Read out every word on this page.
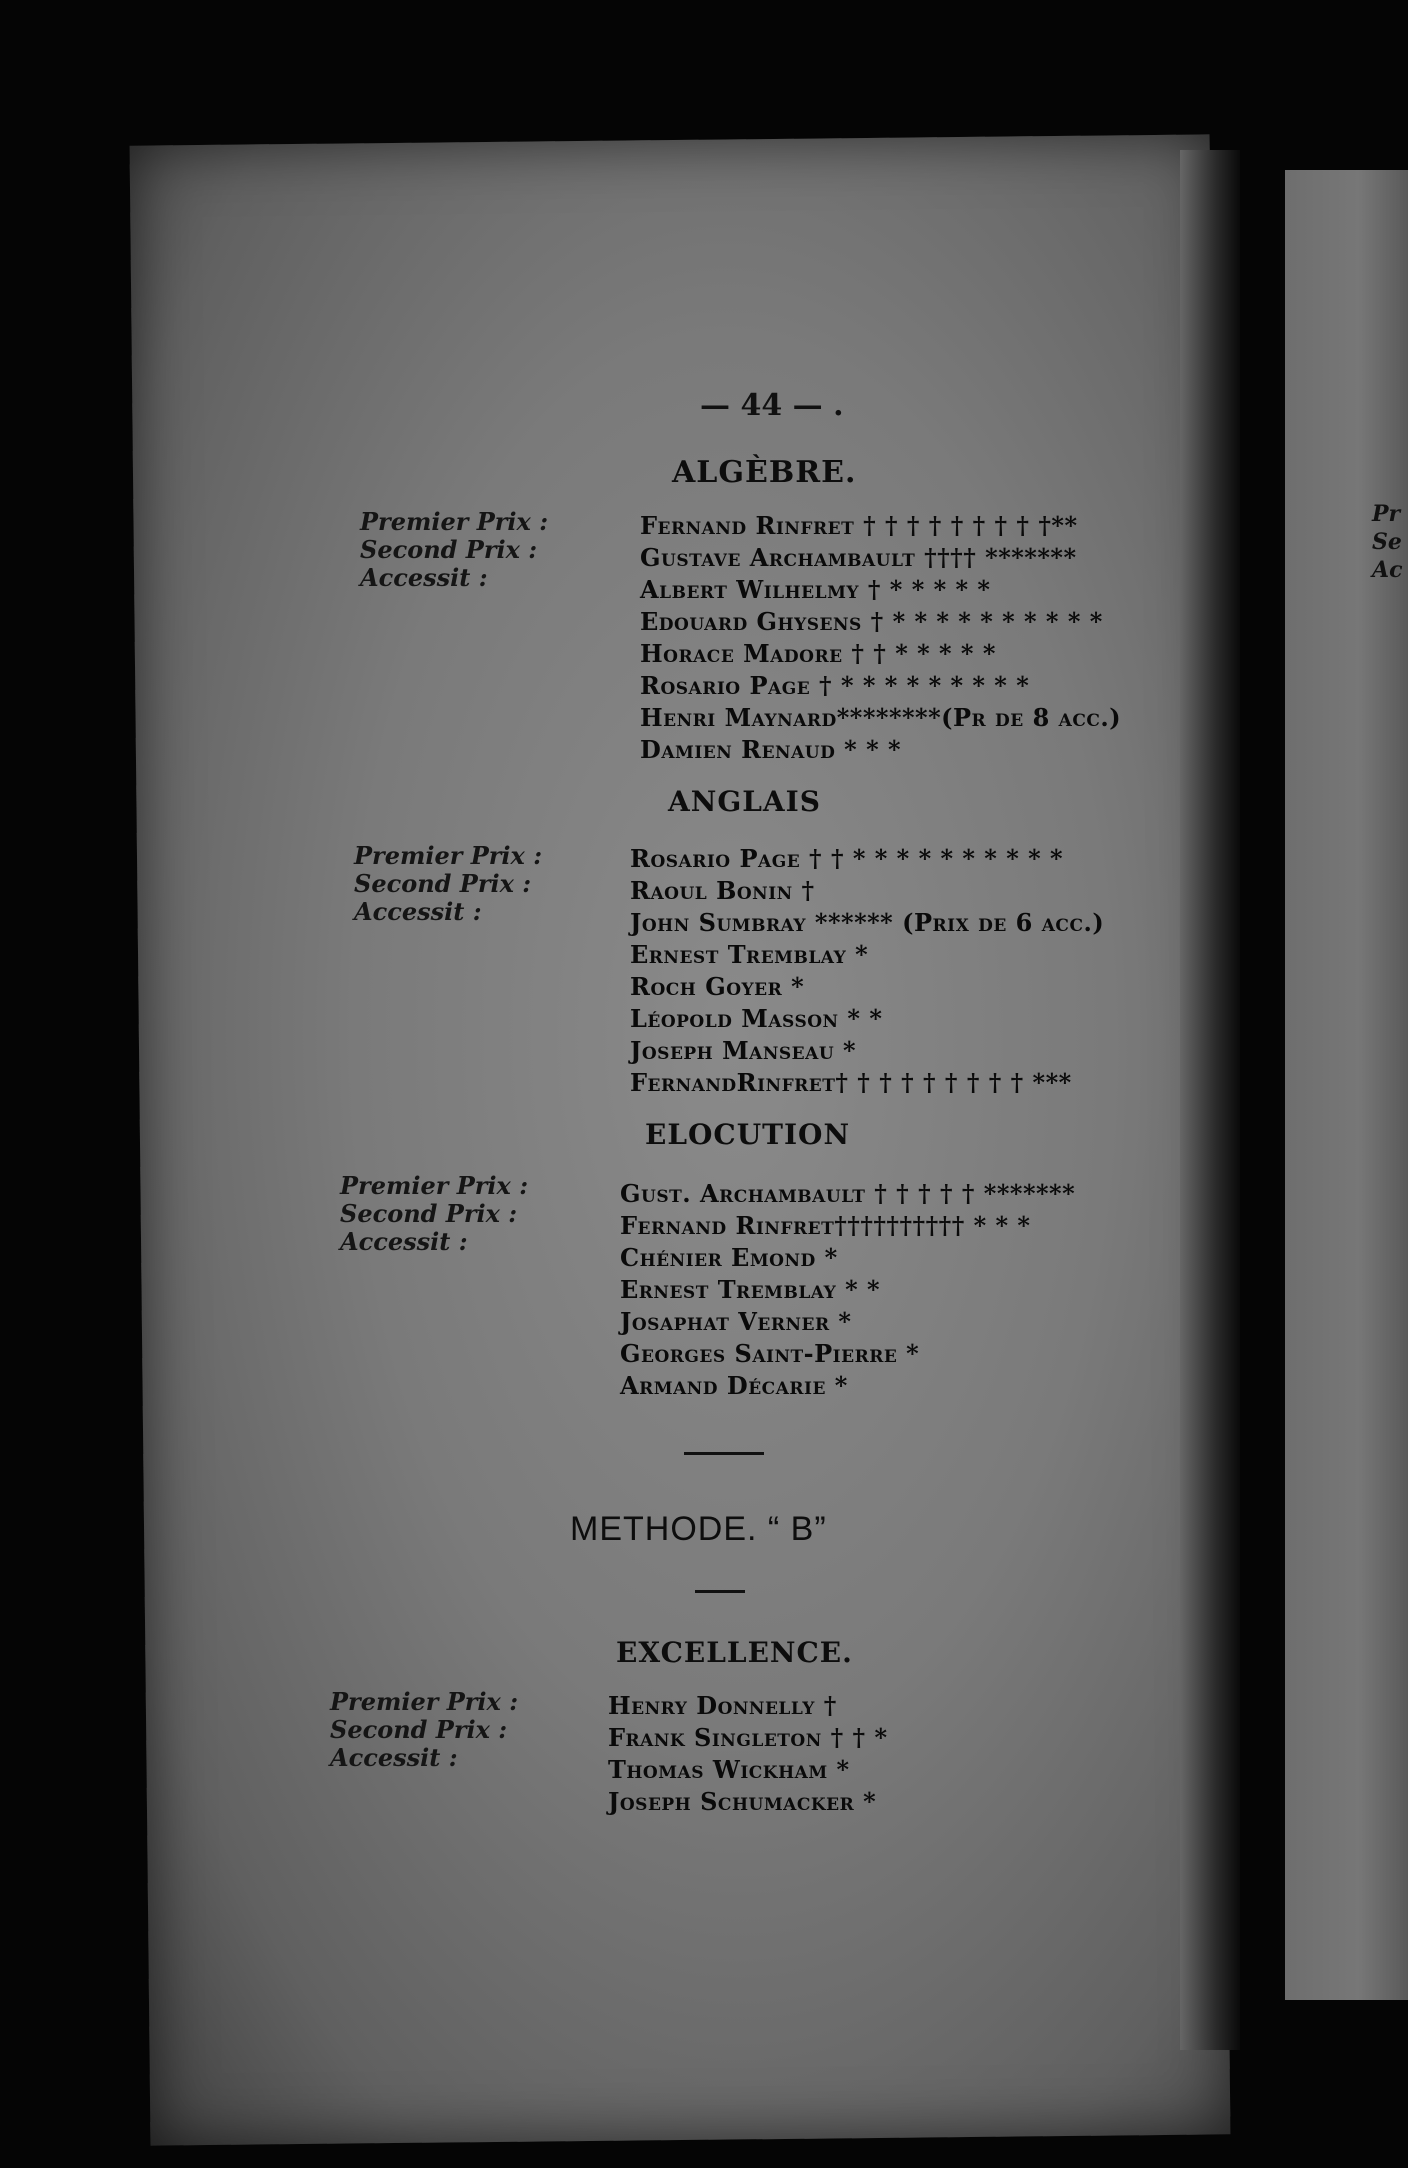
— 44 — .
ALGÈBRE.
Premier Prix :
Second Prix :
Accessit :
Fernand Rinfret † † † † † † † † †**
Gustave Archambault †††† *******
Albert Wilhelmy † * * * * *
Edouard Ghysens † * * * * * * * * * *
Horace Madore † † * * * * *
Rosario Page † * * * * * * * * *
Henri Maynard********(Pr de 8 acc.)
Damien Renaud * * *
ANGLAIS
Premier Prix :
Second Prix :
Accessit :
Rosario Page † † * * * * * * * * * *
Raoul Bonin †
John Sumbray ****** (Prix de 6 acc.)
Ernest Tremblay *
Roch Goyer *
Léopold Masson * *
Joseph Manseau *
FernandRinfret† † † † † † † † † ***
ELOCUTION
Premier Prix :
Second Prix :
Accessit :
Gust. Archambault † † † † † *******
Fernand Rinfret†††††††††† * * *
Chénier Emond *
Ernest Tremblay * *
Josaphat Verner *
Georges Saint-Pierre *
Armand Décarie *
METHODE. “ B”
EXCELLENCE.
Premier Prix :
Second Prix :
Accessit :
Henry Donnelly †
Frank Singleton † † *
Thomas Wickham *
Joseph Schumacker *
Pr
Se
Ac
